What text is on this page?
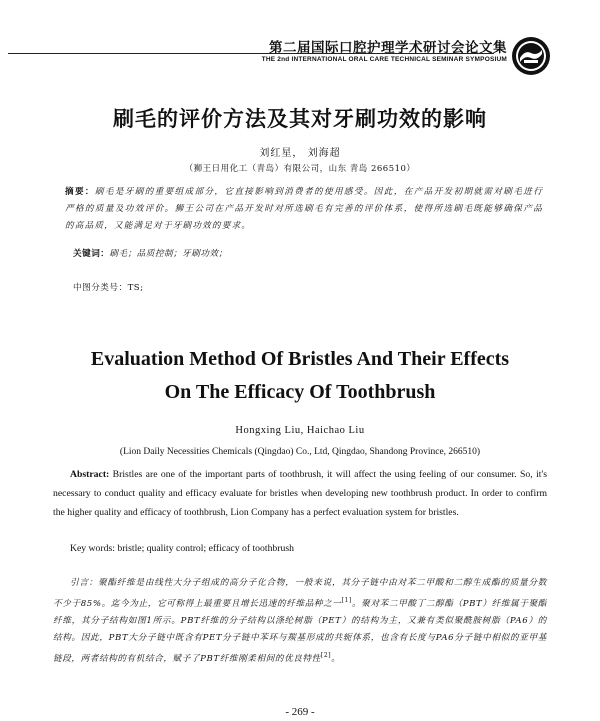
第二届国际口腔护理学术研讨会论文集
THE 2nd INTERNATIONAL ORAL CARE TECHNICAL SEMINAR SYMPOSIUM
刷毛的评价方法及其对牙刷功效的影响
刘红星， 刘海超
（狮王日用化工（青岛）有限公司，山东 青岛 266510）
摘要：刷毛是牙刷的重要组成部分，它直接影响到消费者的使用感受。因此，在产品开发初期就需对刷毛进行严格的质量及功效评价。狮王公司在产品开发时对所选刷毛有完善的评价体系，使得所选刷毛既能够确保产品的高品质，又能满足对于牙刷功效的要求。
关键词：刷毛；品质控制；牙刷功效；
中图分类号：TS;
Evaluation Method Of Bristles And Their Effects
On The Efficacy Of Toothbrush
Hongxing Liu, Haichao Liu
(Lion Daily Necessities Chemicals (Qingdao) Co., Ltd, Qingdao, Shandong Province, 266510)
Abstract: Bristles are one of the important parts of toothbrush, it will affect the using feeling of our consumer. So, it's necessary to conduct quality and efficacy evaluate for bristles when developing new toothbrush product. In order to confirm the higher quality and efficacy of toothbrush, Lion Company has a perfect evaluation system for bristles.
Key words: bristle; quality control; efficacy of toothbrush
引言：聚酯纤维是由线性大分子组成的高分子化合物，一般来说，其分子链中由对苯二甲酸和二醇生成酯的质量分数不少于85%。迄今为止，它可称得上最重要且增长迅速的纤维品种之一[1]。聚对苯二甲酸丁二醇酯（PBT）纤维属于聚酯纤维，其分子结构如图1所示。PBT纤维的分子结构以涤纶树脂（PET）的结构为主，又兼有类似聚酰胺树脂（PA6）的结构。因此，PBT大分子链中既含有PET分子链中苯环与羰基形成的共轭体系，也含有长度与PA6分子链中相似的亚甲基链段，两者结构的有机结合，赋予了PBT纤维刚柔相间的优良特性[2]。
- 269 -
